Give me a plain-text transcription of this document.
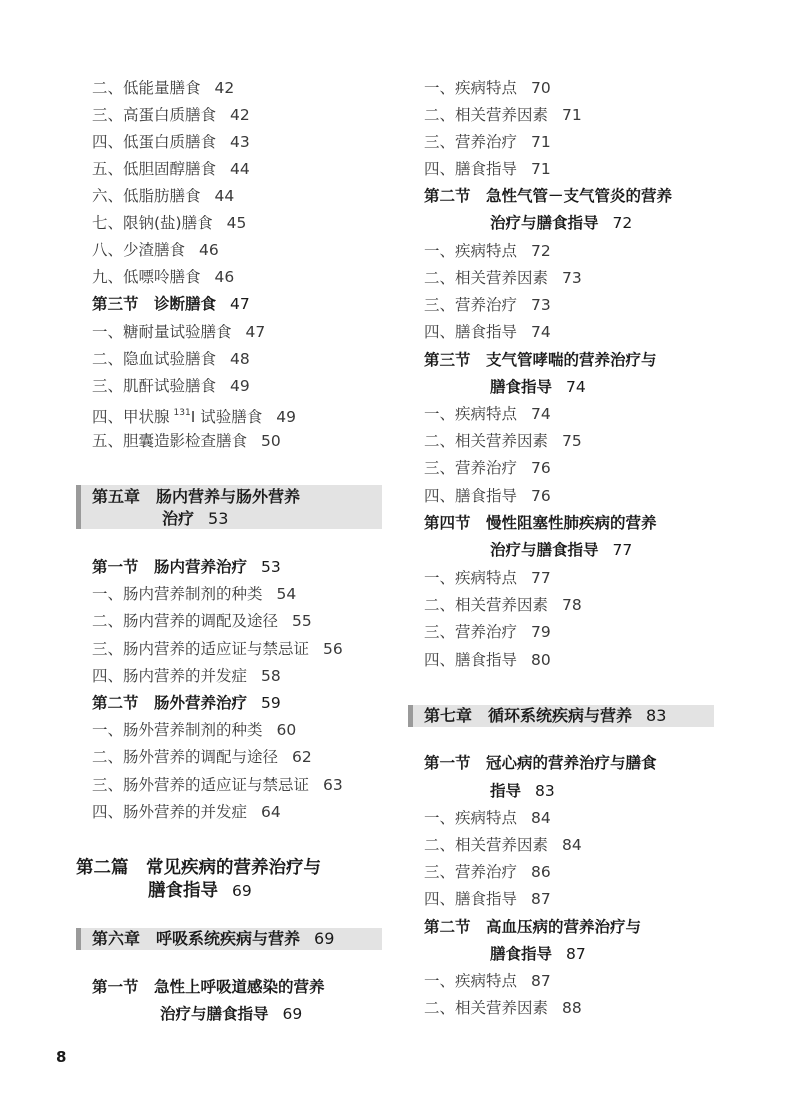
二、低能量膳食 42
三、高蛋白质膳食 42
四、低蛋白质膳食 43
五、低胆固醇膳食 44
六、低脂肪膳食 44
七、限钠(盐)膳食 45
八、少渣膳食 46
九、低嘌呤膳食 46
第三节　诊断膳食 47
一、糖耐量试验膳食 47
二、隐血试验膳食 48
三、肌酐试验膳食 49
四、甲状腺 $^{131}$I 试验膳食 49
五、胆囊造影检查膳食 50
第五章　肠内营养与肠外营养
治疗 53
第一节　肠内营养治疗 53
一、肠内营养制剂的种类 54
二、肠内营养的调配及途径 55
三、肠内营养的适应证与禁忌证 56
四、肠内营养的并发症 58
第二节　肠外营养治疗 59
一、肠外营养制剂的种类 60
二、肠外营养的调配与途径 62
三、肠外营养的适应证与禁忌证 63
四、肠外营养的并发症 64
第二篇　常见疾病的营养治疗与
膳食指导 69
第六章　呼吸系统疾病与营养 69
第一节　急性上呼吸道感染的营养
治疗与膳食指导 69
一、疾病特点 70
二、相关营养因素 71
三、营养治疗 71
四、膳食指导 71
第二节　急性气管－支气管炎的营养
治疗与膳食指导 72
一、疾病特点 72
二、相关营养因素 73
三、营养治疗 73
四、膳食指导 74
第三节　支气管哮喘的营养治疗与
膳食指导 74
一、疾病特点 74
二、相关营养因素 75
三、营养治疗 76
四、膳食指导 76
第四节　慢性阻塞性肺疾病的营养
治疗与膳食指导 77
一、疾病特点 77
二、相关营养因素 78
三、营养治疗 79
四、膳食指导 80
第七章　循环系统疾病与营养 83
第一节　冠心病的营养治疗与膳食
指导 83
一、疾病特点 84
二、相关营养因素 84
三、营养治疗 86
四、膳食指导 87
第二节　高血压病的营养治疗与
膳食指导 87
一、疾病特点 87
二、相关营养因素 88
8
